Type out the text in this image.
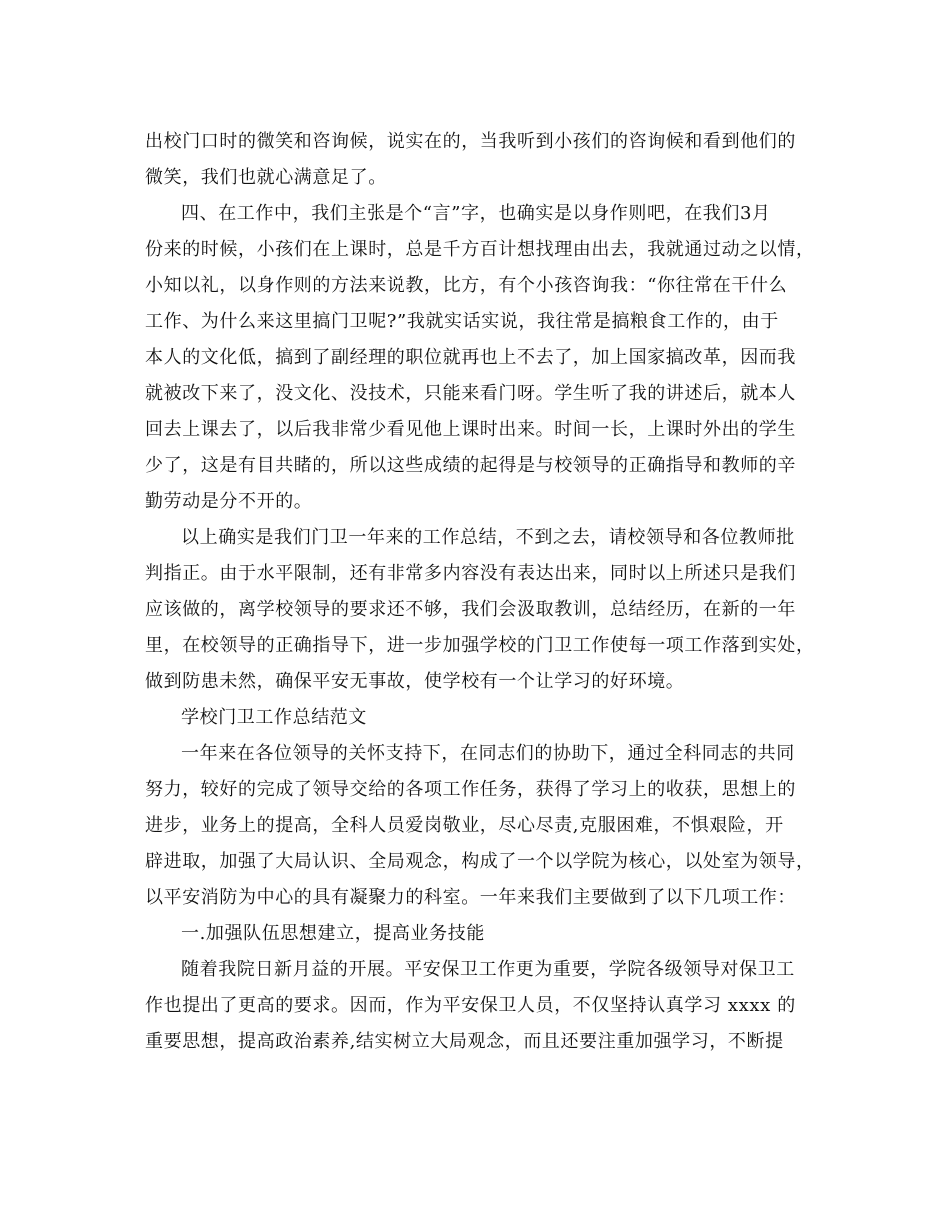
出校门口时的微笑和咨询候，说实在的，当我听到小孩们的咨询候和看到他们的
微笑，我们也就心满意足了。
四、在工作中，我们主张是个“言”字，也确实是以身作则吧，在我们3月
份来的时候，小孩们在上课时，总是千方百计想找理由出去，我就通过动之以情，
小知以礼，以身作则的方法来说教，比方，有个小孩咨询我：“你往常在干什么
工作、为什么来这里搞门卫呢?”我就实话实说，我往常是搞粮食工作的，由于
本人的文化低，搞到了副经理的职位就再也上不去了，加上国家搞改革，因而我
就被改下来了，没文化、没技术，只能来看门呀。学生听了我的讲述后，就本人
回去上课去了，以后我非常少看见他上课时出来。时间一长，上课时外出的学生
少了，这是有目共睹的，所以这些成绩的起得是与校领导的正确指导和教师的辛
勤劳动是分不开的。
以上确实是我们门卫一年来的工作总结，不到之去，请校领导和各位教师批
判指正。由于水平限制，还有非常多内容没有表达出来，同时以上所述只是我们
应该做的，离学校领导的要求还不够，我们会汲取教训，总结经历，在新的一年
里，在校领导的正确指导下，进一步加强学校的门卫工作使每一项工作落到实处，
做到防患未然，确保平安无事故，使学校有一个让学习的好环境。
学校门卫工作总结范文
一年来在各位领导的关怀支持下，在同志们的协助下，通过全科同志的共同
努力，较好的完成了领导交给的各项工作任务，获得了学习上的收获，思想上的
进步，业务上的提高，全科人员爱岗敬业，尽心尽责,克服困难，不惧艰险，开
辟进取，加强了大局认识、全局观念，构成了一个以学院为核心，以处室为领导，
以平安消防为中心的具有凝聚力的科室。一年来我们主要做到了以下几项工作：
一.加强队伍思想建立，提高业务技能
随着我院日新月益的开展。平安保卫工作更为重要，学院各级领导对保卫工
作也提出了更高的要求。因而，作为平安保卫人员，不仅坚持认真学习 xxxx 的
重要思想，提高政治素养,结实树立大局观念，而且还要注重加强学习，不断提
